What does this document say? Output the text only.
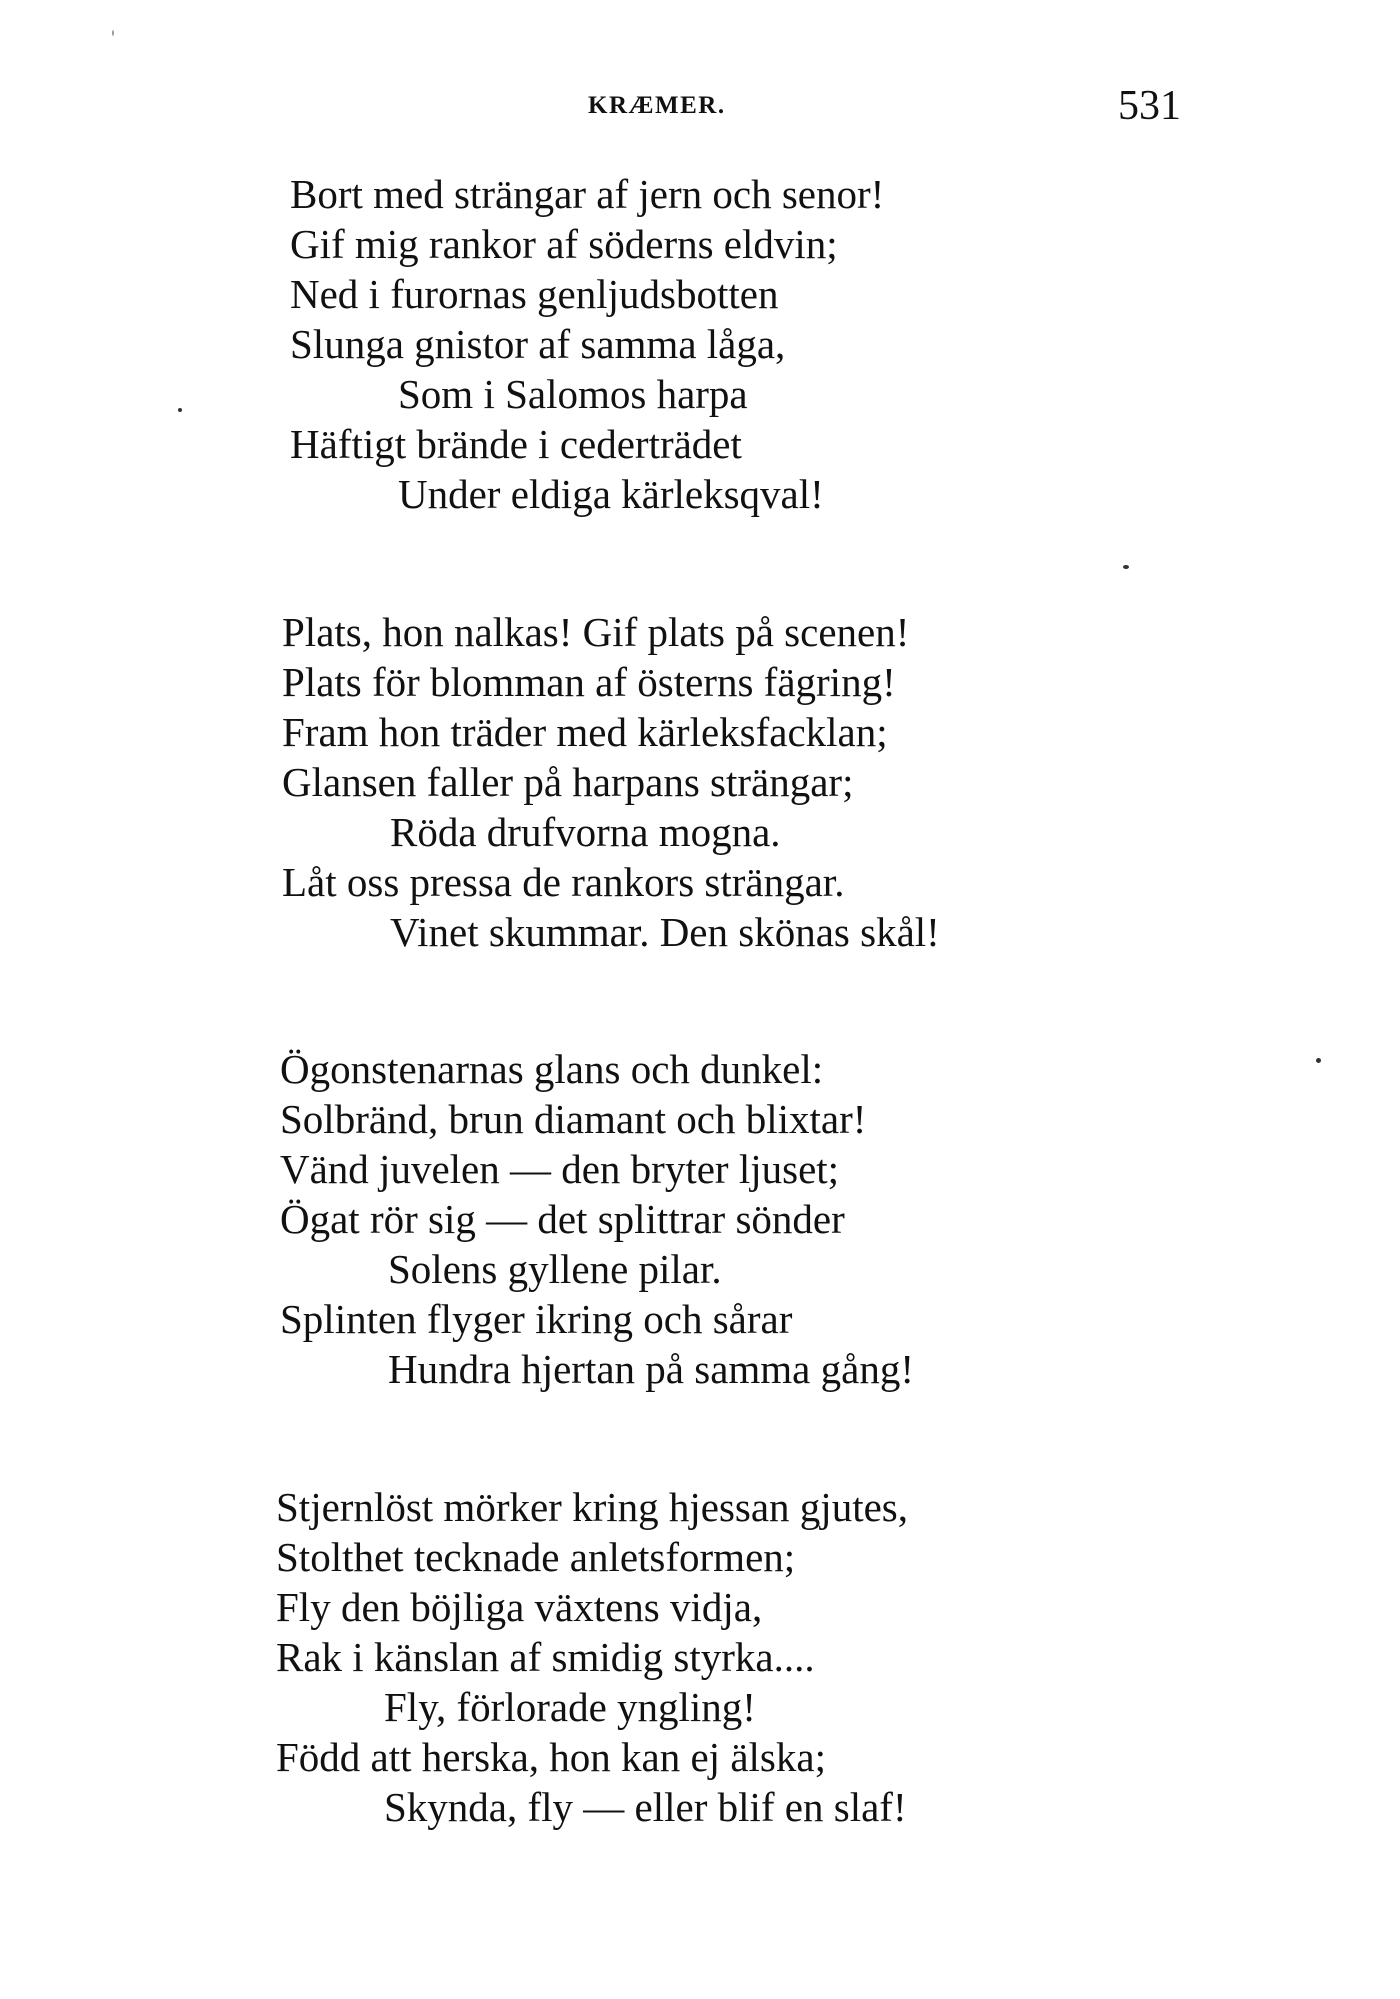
KRÆMER.	531
Bort med strängar af jern och senor!
Gif mig rankor af söderns eldvin;
Ned i furornas genljudsbotten
Slunga gnistor af samma låga,
Som i Salomos harpa
Häftigt brände i cederträdet
Under eldiga kärleksqval!
Plats, hon nalkas! Gif plats på scenen!
Plats för blomman af österns fägring!
Fram hon träder med kärleksfacklan;
Glansen faller på harpans strängar;
Röda drufvorna mogna.
Låt oss pressa de rankors strängar.
Vinet skummar. Den skönas skål!
Ögonstenarnas glans och dunkel:
Solbränd, brun diamant och blixtar!
Vänd juvelen — den bryter ljuset;
Ögat rör sig — det splittrar sönder
Solens gyllene pilar.
Splinten flyger ikring och sårar
Hundra hjertan på samma gång!
Stjernlöst mörker kring hjessan gjutes,
Stolthet tecknade anletsformen;
Fly den böjliga växtens vidja,
Rak i känslan af smidig styrka....
Fly, förlorade yngling!
Född att herska, hon kan ej älska;
Skynda, fly — eller blif en slaf!
